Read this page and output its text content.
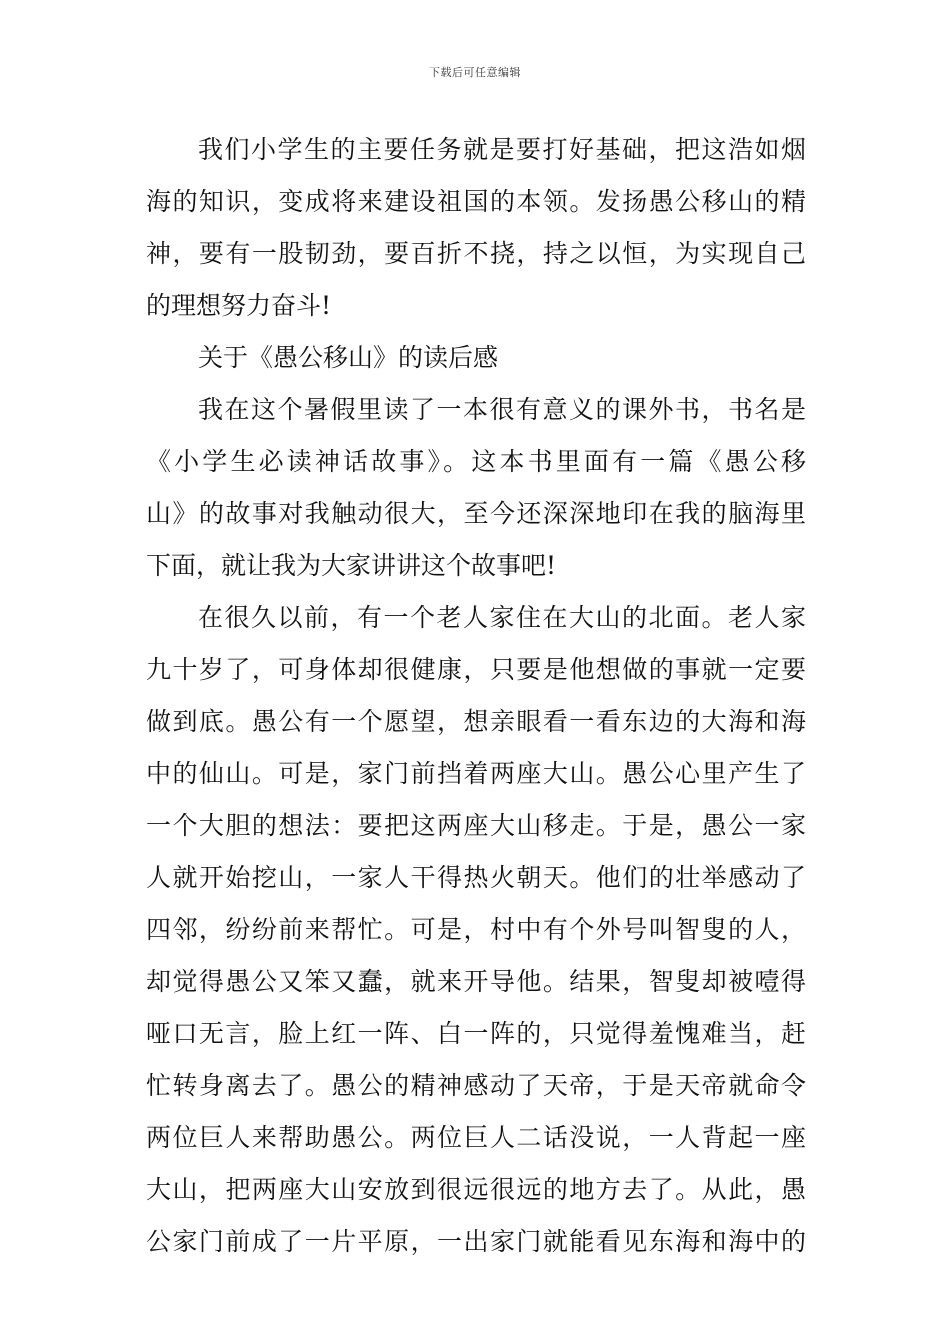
下载后可任意编辑
我们小学生的主要任务就是要打好基础，把这浩如烟
海的知识，变成将来建设祖国的本领。发扬愚公移山的精
神，要有一股韧劲，要百折不挠，持之以恒，为实现自己
的理想努力奋斗!
关于《愚公移山》的读后感
我在这个暑假里读了一本很有意义的课外书，书名是
《小学生必读神话故事》。这本书里面有一篇《愚公移
山》的故事对我触动很大，至今还深深地印在我的脑海里
下面，就让我为大家讲讲这个故事吧!
在很久以前，有一个老人家住在大山的北面。老人家
九十岁了，可身体却很健康，只要是他想做的事就一定要
做到底。愚公有一个愿望，想亲眼看一看东边的大海和海
中的仙山。可是，家门前挡着两座大山。愚公心里产生了
一个大胆的想法：要把这两座大山移走。于是，愚公一家
人就开始挖山，一家人干得热火朝天。他们的壮举感动了
四邻，纷纷前来帮忙。可是，村中有个外号叫智叟的人，
却觉得愚公又笨又蠢，就来开导他。结果，智叟却被噎得
哑口无言，脸上红一阵、白一阵的，只觉得羞愧难当，赶
忙转身离去了。愚公的精神感动了天帝，于是天帝就命令
两位巨人来帮助愚公。两位巨人二话没说，一人背起一座
大山，把两座大山安放到很远很远的地方去了。从此，愚
公家门前成了一片平原，一出家门就能看见东海和海中的
